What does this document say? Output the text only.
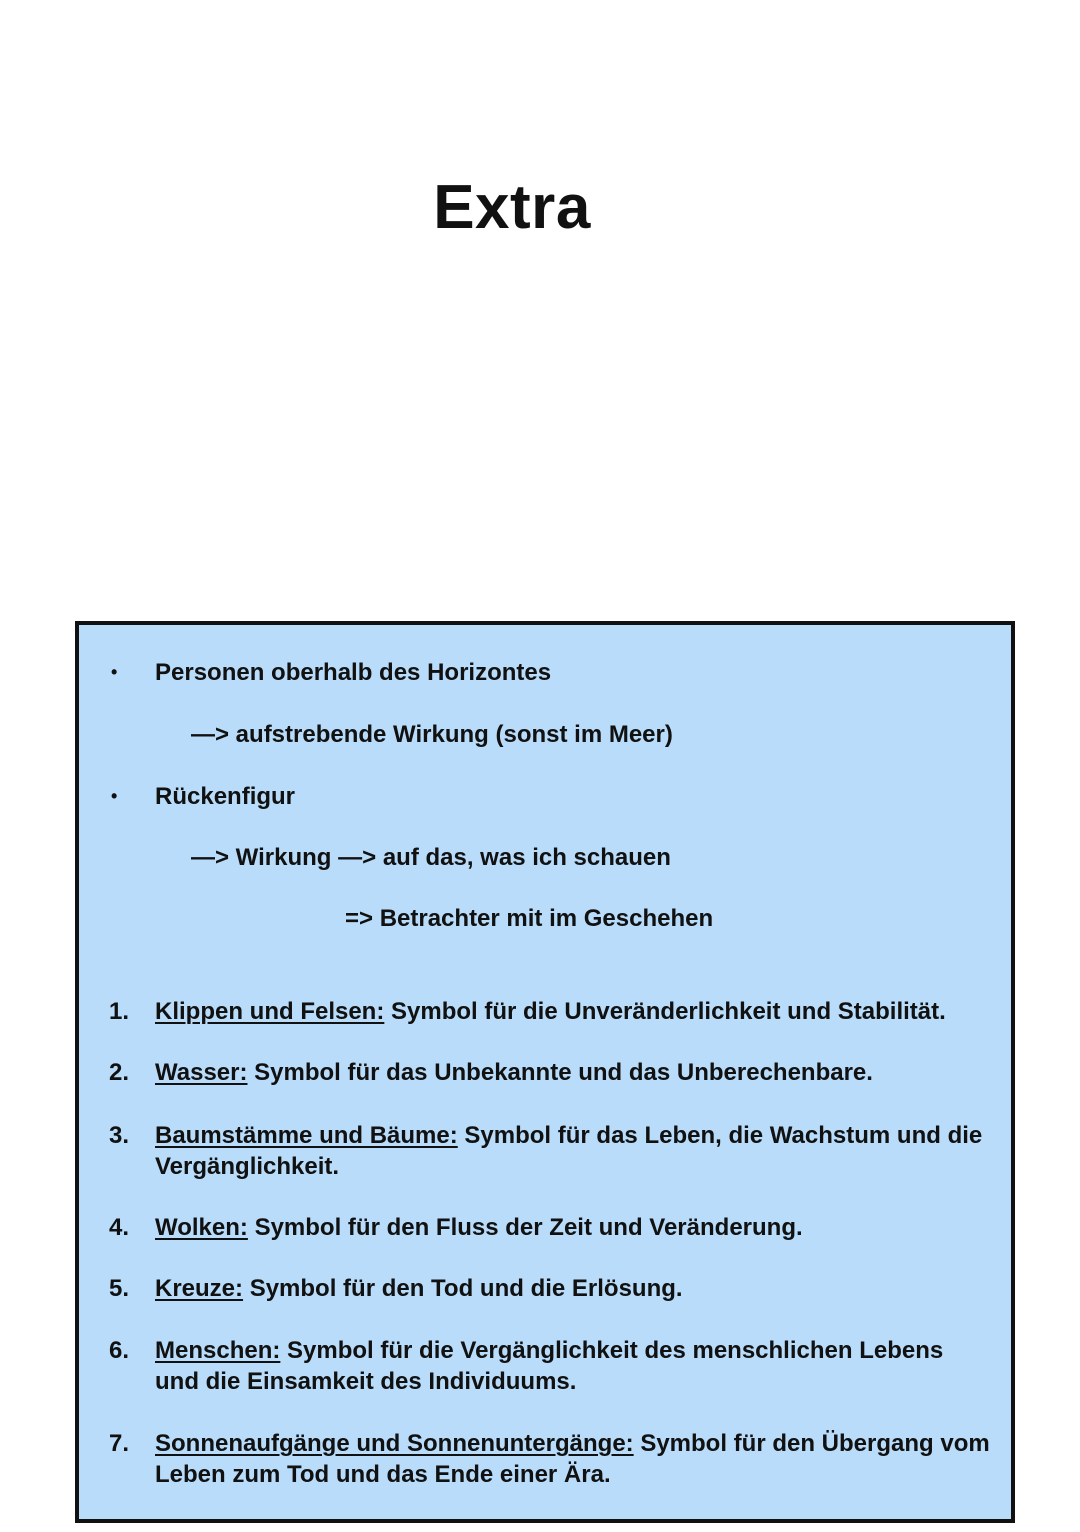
Extra
• Personen oberhalb des Horizontes
—> aufstrebende Wirkung (sonst im Meer)
• Rückenfigur
—> Wirkung —> auf das, was ich schauen
=> Betrachter mit im Geschehen
1.	Klippen und Felsen: Symbol für die Unveränderlichkeit und Stabilität.
2.	Wasser: Symbol für das Unbekannte und das Unberechenbare.
3.	Baumstämme und Bäume: Symbol für das Leben, die Wachstum und die Vergänglichkeit.
4.	Wolken: Symbol für den Fluss der Zeit und Veränderung.
5.	Kreuze: Symbol für den Tod und die Erlösung.
6.	Menschen: Symbol für die Vergänglichkeit des menschlichen Lebens und die Einsamkeit des Individuums.
7.	Sonnenaufgänge und Sonnenuntergänge: Symbol für den Übergang vom Leben zum Tod und das Ende einer Ära.
